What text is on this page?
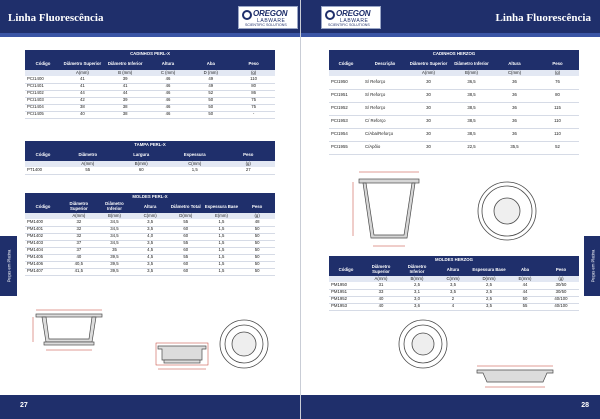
Linha Fluorescência	OREGON
LABWARE
SCIENTIFIC SOLUTIONS
CADINHOS PERL-X					
Código	Diâmetro Superior	Diâmetro Inferior	Altura	Aba	Peso
	A(mm)	B (mm)	C (mm)	D (mm)	(g)
PCI1400	41	39	46	49	110
PCI1401	41	41	46	49	80
PCI1402	44	44	46	52	86
PCI1403	42	39	46	50	75
PCI1404	38	38	46	50	75
PCI1405	40	38	46	50	-
TAMPA PERL-X				
Código	Diâmetro	Largura	Espessura	Peso
	A(mm)	B(mm)	C(mm)	(g)
PT1400	55	60	1,5	27
MOLDES PERL-X						
Código	Diâmetro Superior	Diâmetro Inferior	Altura	Diâmetro Total	Espessura Base	Peso
	A(mm)	B(mm)	C(mm)	D(mm)	E(mm)	(g)
PM1400	32	34,5	3,5	55	1,5	48
PM1401	32	34,5	3,5	60	1,5	50
PM1402	32	34,5	4,0	60	1,5	50
PM1403	37	34,5	3,5	55	1,5	50
PM1404	37	35	4,5	60	1,5	50
PM1405	40	39,5	4,5	55	1,5	50
PM1406	40,5	39,5	3,5	60	1,5	50
PM1407	41,5	39,5	3,5	60	1,5	50
Peças em Platina
27
Linha Fluorescência
OREGON
LABWARE
SCIENTIFIC SOLUTIONS
CADINHOS HERZOG					
Código	Descrição	Diâmetro Superior	Diâmetro Inferior	Altura	Peso
		A(mm)	B(mm)	C(mm)	(g)
PCI1950	S/ Reforço	30	36,5	36	76
PCI1951	S/ Reforço	30	38,5	36	80
PCI1952	S/ Reforço	30	38,5	36	115
PCI1953	C/ Reforço	30	38,5	36	110
PCI1954	C/Aba/Reforço	30	38,5	36	110
PCI1955	C/Apõio	30	22,5	35,5	52
MOLDES HERZOG						
Código	Diâmetro Superior	Diâmetro Inferior	Altura	Espessura Base	Aba	Peso
	A(mm)	B(mm)	C(mm)	D(mm)	E(mm)	(g)
PM1950	31	2,5	3,5	2,5	44	30/50
PM1951	33	3,1	3,5	2,5	44	30/50
PM1952	40	3,0	2	2,5	50	40/100
PM1953	40	3,6	4	3,5	55	40/100
Peças em Platina
28
